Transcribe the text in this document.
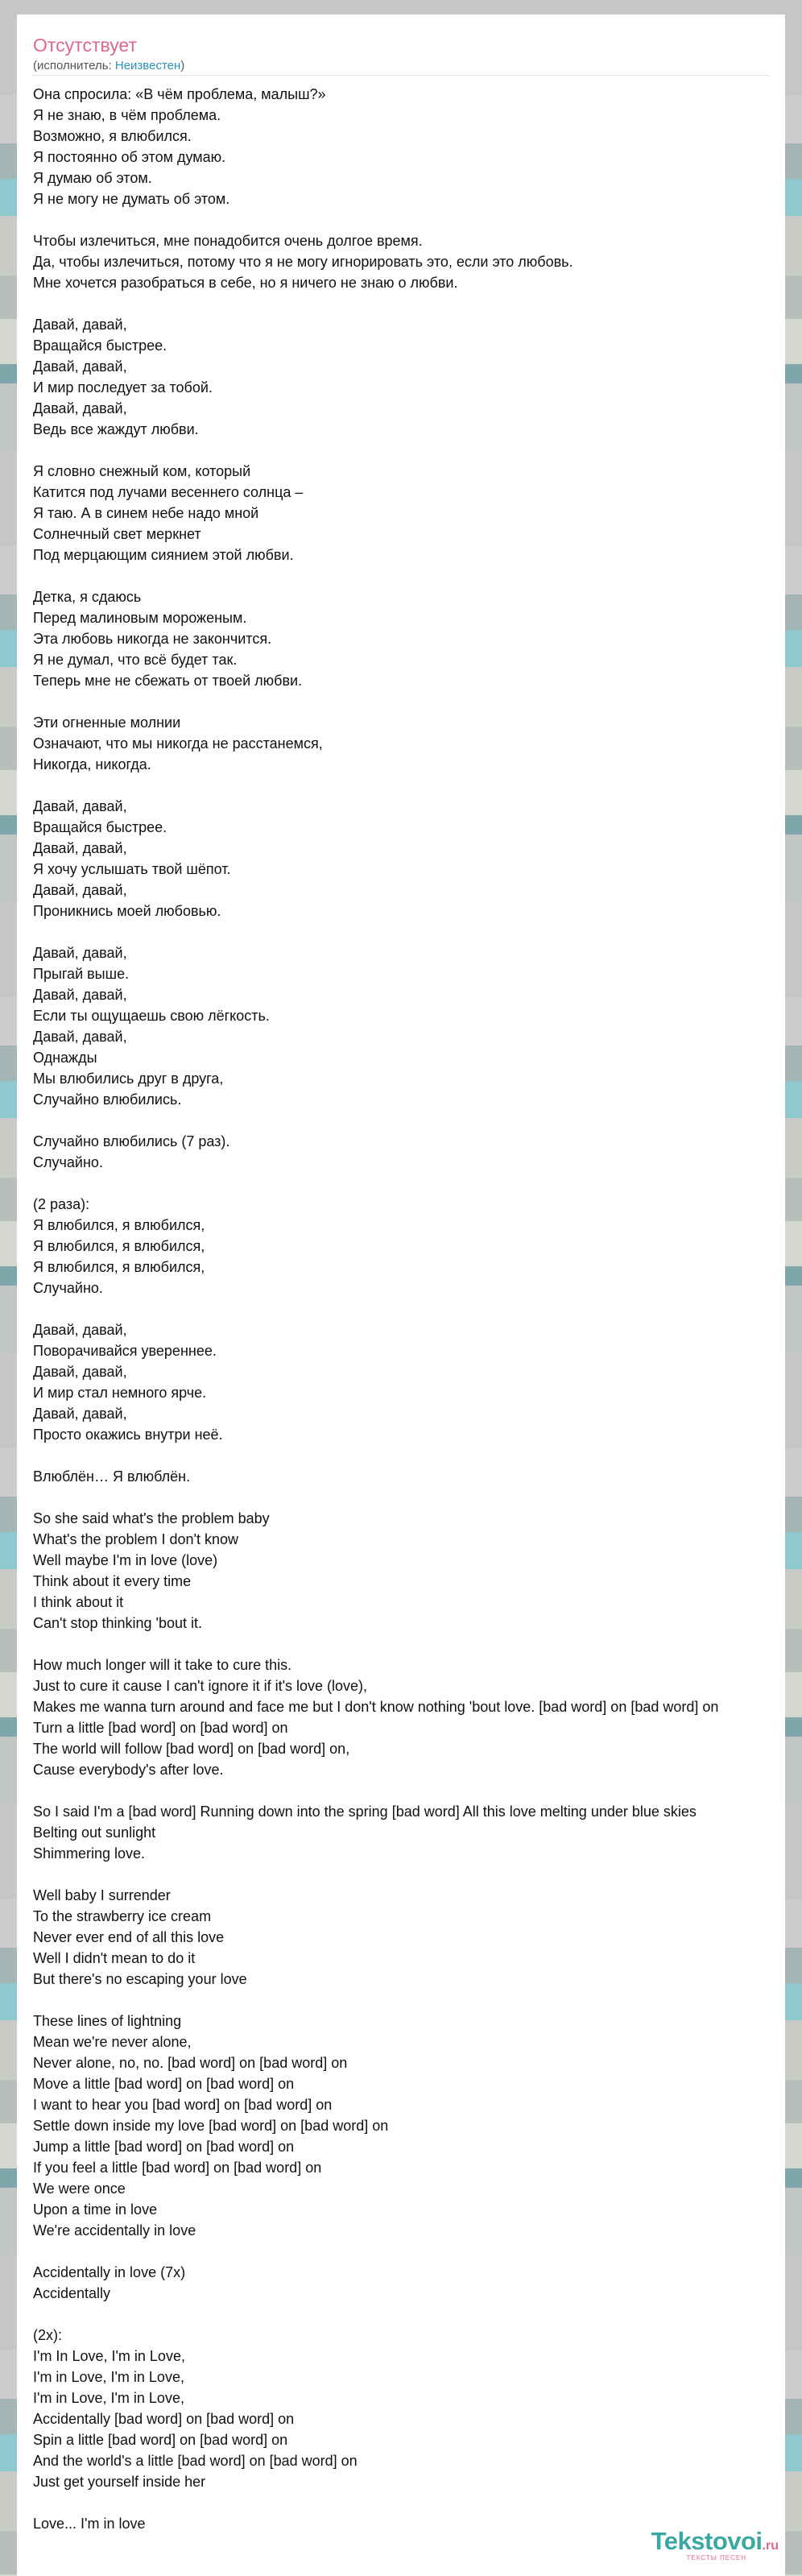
Отсутствует
(исполнитель: Неизвестен)
Она спросила: «В чём проблема, малыш?»
Я не знаю, в чём проблема.
Возможно, я влюбился.
Я постоянно об этом думаю.
Я думаю об этом.
Я не могу не думать об этом.

Чтобы излечиться, мне понадобится очень долгое время.
Да, чтобы излечиться, потому что я не могу игнорировать это, если это любовь.
Мне хочется разобраться в себе, но я ничего не знаю о любви.

Давай, давай,
Вращайся быстрее.
Давай, давай,
И мир последует за тобой.
Давай, давай,
Ведь все жаждут любви.

Я словно снежный ком, который
Катится под лучами весеннего солнца –
Я таю. А в синем небе надо мной
Солнечный свет меркнет
Под мерцающим сиянием этой любви.

Детка, я сдаюсь
Перед малиновым мороженым.
Эта любовь никогда не закончится.
Я не думал, что всё будет так.
Теперь мне не сбежать от твоей любви.

Эти огненные молнии
Означают, что мы никогда не расстанемся,
Никогда, никогда.

Давай, давай,
Вращайся быстрее.
Давай, давай,
Я хочу услышать твой шёпот.
Давай, давай,
Проникнись моей любовью.

Давай, давай,
Прыгай выше.
Давай, давай,
Если ты ощущаешь свою лёгкость.
Давай, давай,
Однажды
Мы влюбились друг в друга,
Случайно влюбились.

Случайно влюбились (7 раз).
Случайно.

(2 раза):
Я влюбился, я влюбился,
Я влюбился, я влюбился,
Я влюбился, я влюбился,
Случайно.

Давай, давай,
Поворачивайся увереннее.
Давай, давай,
И мир стал немного ярче.
Давай, давай,
Просто окажись внутри неё.

Влюблён… Я влюблён.

So she said what's the problem baby
What's the problem I don't know
Well maybe I'm in love (love)
Think about it every time
I think about it
Can't stop thinking 'bout it.

How much longer will it take to cure this.
Just to cure it cause I can't ignore it if it's love (love),
Makes me wanna turn around and face me but I don't know nothing 'bout love. [bad word] on [bad word] on
Turn a little [bad word] on [bad word] on
The world will follow [bad word] on [bad word] on,
Cause everybody's after love.

So I said I'm a [bad word] Running down into the spring [bad word] All this love melting under blue skies
Belting out sunlight
Shimmering love.

Well baby I surrender
To the strawberry ice cream
Never ever end of all this love
Well I didn't mean to do it
But there's no escaping your love

These lines of lightning
Mean we're never alone,
Never alone, no, no. [bad word] on [bad word] on
Move a little [bad word] on [bad word] on
I want to hear you [bad word] on [bad word] on
Settle down inside my love [bad word] on [bad word] on
Jump a little [bad word] on [bad word] on
If you feel a little [bad word] on [bad word] on
We were once
Upon a time in love
We're accidentally in love

Accidentally in love (7x)
Accidentally

(2x):
I'm In Love, I'm in Love,
I'm in Love, I'm in Love,
I'm in Love, I'm in Love,
Accidentally [bad word] on [bad word] on
Spin a little [bad word] on [bad word] on
And the world's a little [bad word] on [bad word] on
Just get yourself inside her

Love... I'm in love
Tekstovoi.ru
ТЕКСТЫ ПЕСЕН
